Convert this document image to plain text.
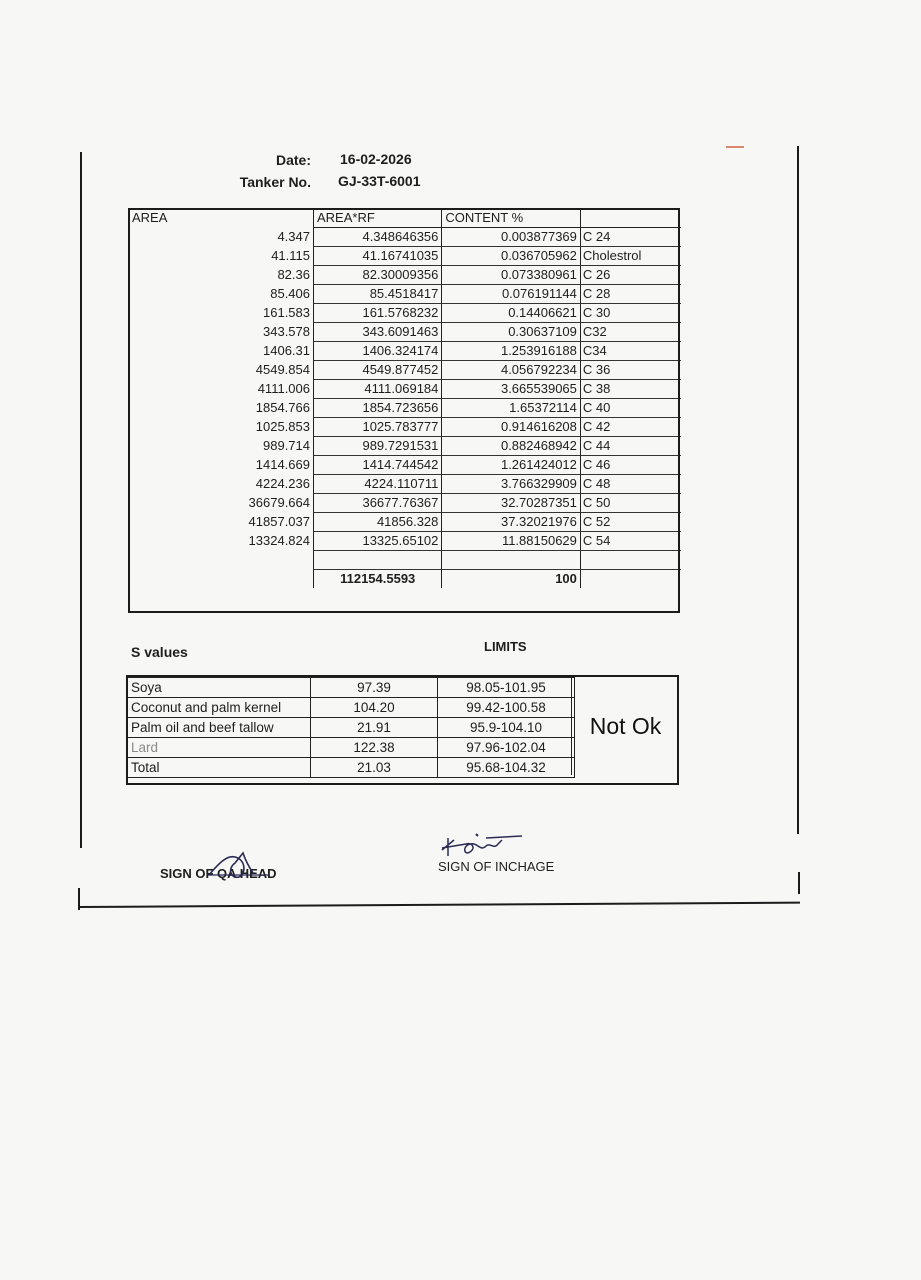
Date: 16-02-2026
Tanker No. GJ-33T-6001
AREA	AREA*RF	CONTENT %	
4.347	4.348646356	0.003877369	C 24
41.115	41.16741035	0.036705962	Cholestrol
82.36	82.30009356	0.073380961	C 26
85.406	85.4518417	0.076191144	C 28
161.583	161.5768232	0.14406621	C 30
343.578	343.6091463	0.30637109	C32
1406.31	1406.324174	1.253916188	C34
4549.854	4549.877452	4.056792234	C 36
4111.006	4111.069184	3.665539065	C 38
1854.766	1854.723656	1.65372114	C 40
1025.853	1025.783777	0.914616208	C 42
989.714	989.7291531	0.882468942	C 44
1414.669	1414.744542	1.261424012	C 46
4224.236	4224.110711	3.766329909	C 48
36679.664	36677.76367	32.70287351	C 50
41857.037	41856.328	37.32021976	C 52
13324.824	13325.65102	11.88150629	C 54

	112154.5593	100	
S values	LIMITS
Soya	97.39	98.05-101.95
Coconut and palm kernel	104.20	99.42-100.58
Palm oil and beef tallow	21.91	95.9-104.10
Lard	122.38	97.96-102.04
Total	21.03	95.68-104.32
Not Ok
SIGN OF QA HEAD	SIGN OF INCHAGE
